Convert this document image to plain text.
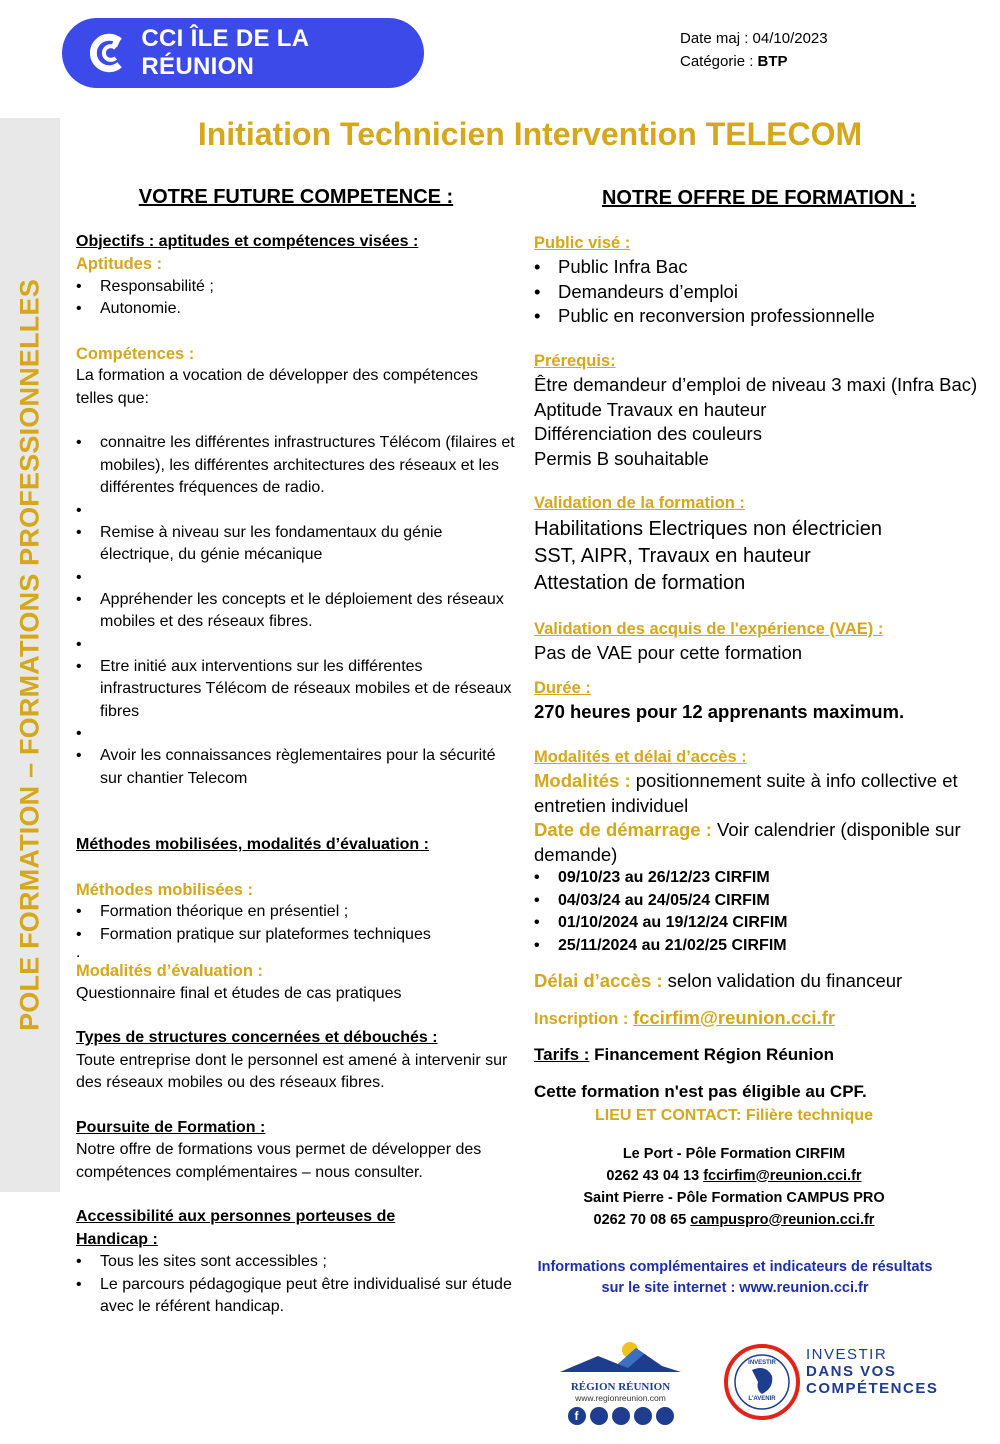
CCI ÎLE DE LA RÉUNION
Date maj : 04/10/2023
Catégorie : BTP
POLE FORMATION – FORMATIONS PROFESSIONNELLES
Initiation Technicien Intervention TELECOM
VOTRE FUTURE COMPETENCE :

Objectifs : aptitudes et compétences visées :

Aptitudes :

• Responsabilité ;
• Autonomie.

Compétences :

La formation a vocation de développer des compétences telles que:

• connaitre les différentes infrastructures Télécom (filaires et mobiles), les différentes architectures des réseaux et les différentes fréquences de radio.
•
• Remise à niveau sur les fondamentaux du génie électrique, du génie mécanique
•
• Appréhender les concepts et le déploiement des réseaux mobiles et des réseaux fibres.
•
• Etre initié aux interventions sur les différentes infrastructures Télécom de réseaux mobiles et de réseaux fibres
•
• Avoir les connaissances règlementaires pour la sécurité sur chantier Telecom

Méthodes mobilisées, modalités d’évaluation :

Méthodes mobilisées :

• Formation théorique en présentiel ;
• Formation pratique sur plateformes techniques

.

Modalités d’évaluation :

Questionnaire final et études de cas pratiques

Types de structures concernées et débouchés :

Toute entreprise dont le personnel est amené à intervenir sur des réseaux mobiles ou des réseaux fibres.

Poursuite de Formation :

Notre offre de formations vous permet de développer des compétences complémentaires – nous consulter.

Accessibilité aux personnes porteuses de Handicap :

• Tous les sites sont accessibles ;
• Le parcours pédagogique peut être individualisé sur étude avec le référent handicap.
NOTRE OFFRE DE FORMATION :

Public visé :

• Public Infra Bac
• Demandeurs d’emploi
• Public en reconversion professionnelle

Prérequis:

Être demandeur d’emploi de niveau 3 maxi (Infra Bac)

Aptitude Travaux en hauteur

Différenciation des couleurs

Permis B souhaitable

Validation de la formation :

Habilitations Electriques non électricien

SST, AIPR, Travaux en hauteur

Attestation de formation

Validation des acquis de l'expérience (VAE) :

Pas de VAE pour cette formation

Durée :

270 heures pour 12 apprenants maximum.

Modalités et délai d’accès :

Modalités : positionnement suite à info collective et entretien individuel

Date de démarrage : Voir calendrier (disponible sur demande)

• 09/10/23 au 26/12/23 CIRFIM
• 04/03/24 au 24/05/24 CIRFIM
• 01/10/2024 au 19/12/24 CIRFIM
• 25/11/2024 au 21/02/25 CIRFIM

Délai d’accès : selon validation du financeur

Inscription : fccirfim@reunion.cci.fr

Tarifs : Financement Région Réunion

Cette formation n'est pas éligible au CPF.

LIEU ET CONTACT: Filière technique

Le Port - Pôle Formation CIRFIM

0262 43 04 13 fccirfim@reunion.cci.fr

Saint Pierre - Pôle Formation CAMPUS PRO

0262 70 08 65 campuspro@reunion.cci.fr

Informations complémentaires et indicateurs de résultats

sur le site internet : www.reunion.cci.fr

RÉGION RÉUNION
www.regionreunion.com
f
INVESTIR
L'AVENIR
INVESTIR
DANS VOS
COMPÉTENCES
